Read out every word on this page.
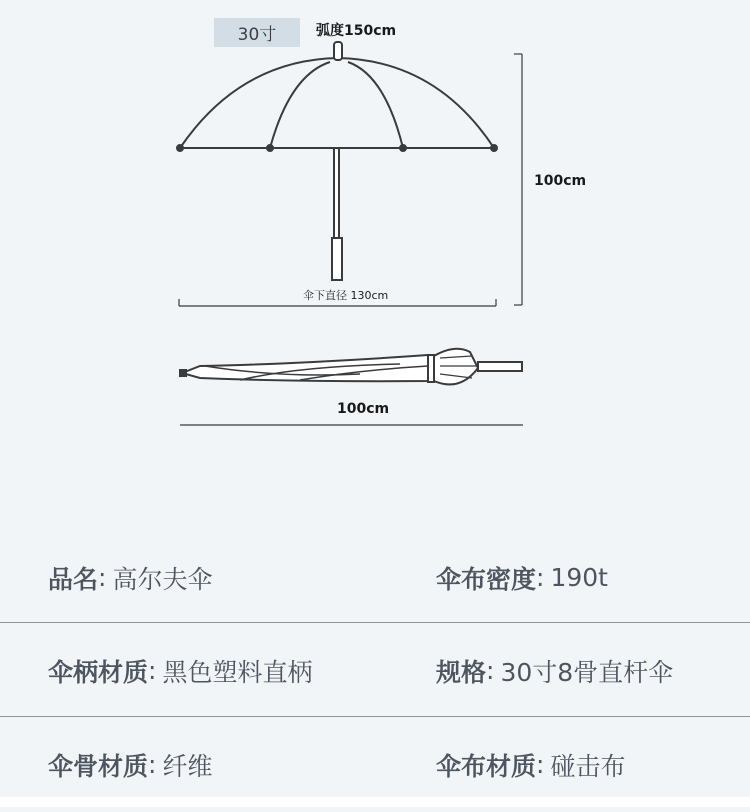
30寸	弧度150cm
100cm
伞下直径 130cm
100cm
品名 : 高尔夫伞	伞布密度 : 190t
伞柄材质 : 黑色塑料直柄	规格 : 30寸8骨直杆伞
伞骨材质 : 纤维	伞布材质 : 碰击布
